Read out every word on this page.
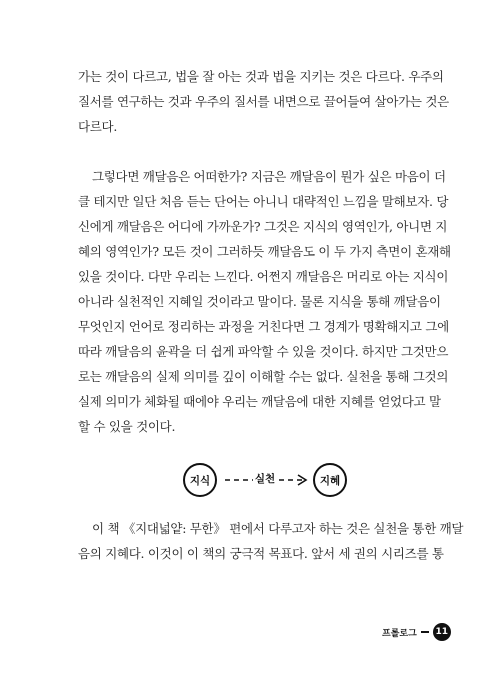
가는 것이 다르고, 법을 잘 아는 것과 법을 지키는 것은 다르다. 우주의
질서를 연구하는 것과 우주의 질서를 내면으로 끌어들여 살아가는 것은
다르다.

그렇다면 깨달음은 어떠한가? 지금은 깨달음이 뭔가 싶은 마음이 더
클 테지만 일단 처음 듣는 단어는 아니니 대략적인 느낌을 말해보자. 당
신에게 깨달음은 어디에 가까운가? 그것은 지식의 영역인가, 아니면 지
혜의 영역인가? 모든 것이 그러하듯 깨달음도 이 두 가지 측면이 혼재해
있을 것이다. 다만 우리는 느낀다. 어쩐지 깨달음은 머리로 아는 지식이
아니라 실천적인 지혜일 것이라고 말이다. 물론 지식을 통해 깨달음이
무엇인지 언어로 정리하는 과정을 거친다면 그 경계가 명확해지고 그에
따라 깨달음의 윤곽을 더 쉽게 파악할 수 있을 것이다. 하지만 그것만으
로는 깨달음의 실제 의미를 깊이 이해할 수는 없다. 실천을 통해 그것의
실제 의미가 체화될 때에야 우리는 깨달음에 대한 지혜를 얻었다고 말
할 수 있을 것이다.

지식	실천	지혜

이 책 《지대넓얕: 무한》 편에서 다루고자 하는 것은 실천을 통한 깨달
음의 지혜다. 이것이 이 책의 궁극적 목표다. 앞서 세 권의 시리즈를 통

프롤로그	11
